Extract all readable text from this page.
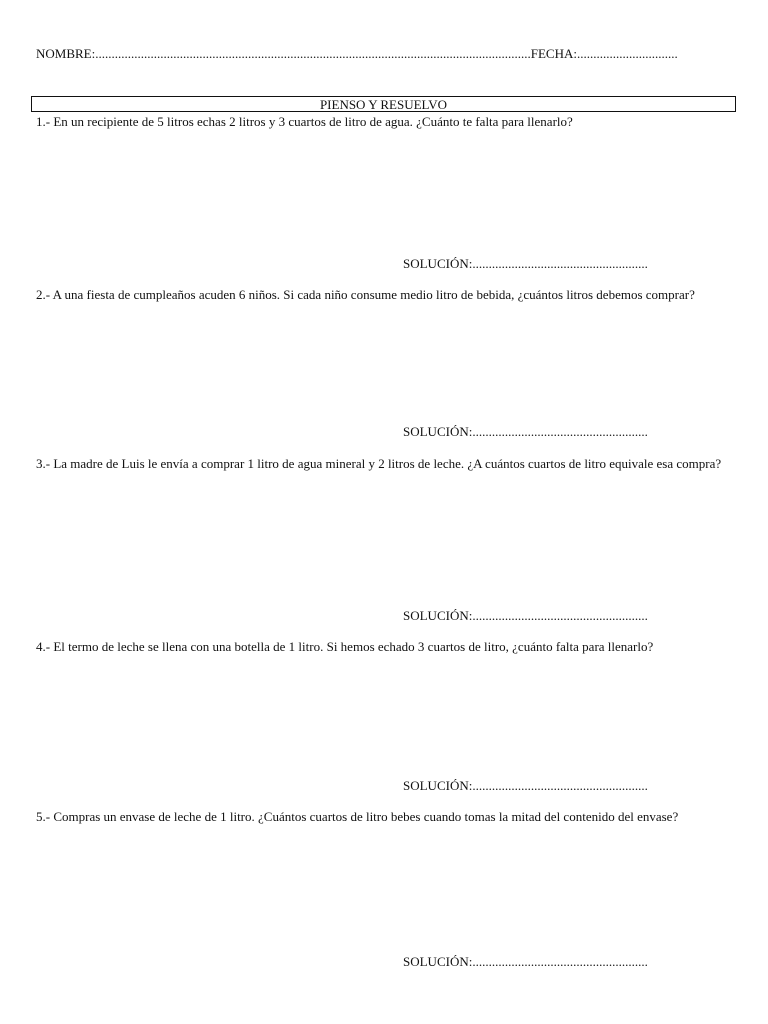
NOMBRE:......................................................................................................................................FECHA:...............................
PIENSO Y RESUELVO
1.- En un recipiente de 5 litros echas 2 litros y 3 cuartos de litro de agua. ¿Cuánto te falta para llenarlo?
SOLUCIÓN:......................................................
2.- A una fiesta de cumpleaños acuden 6 niños. Si cada niño consume medio litro de bebida, ¿cuántos litros debemos comprar?
SOLUCIÓN:......................................................
3.- La madre de Luis le envía a comprar 1 litro de agua mineral y 2 litros de leche. ¿A cuántos cuartos de litro equivale esa compra?
SOLUCIÓN:......................................................
4.- El termo de leche se llena con una botella de 1 litro. Si hemos echado 3 cuartos de litro, ¿cuánto falta para llenarlo?
SOLUCIÓN:......................................................
5.- Compras un envase de leche de 1 litro. ¿Cuántos cuartos de litro bebes cuando tomas la mitad del contenido del envase?
SOLUCIÓN:......................................................
